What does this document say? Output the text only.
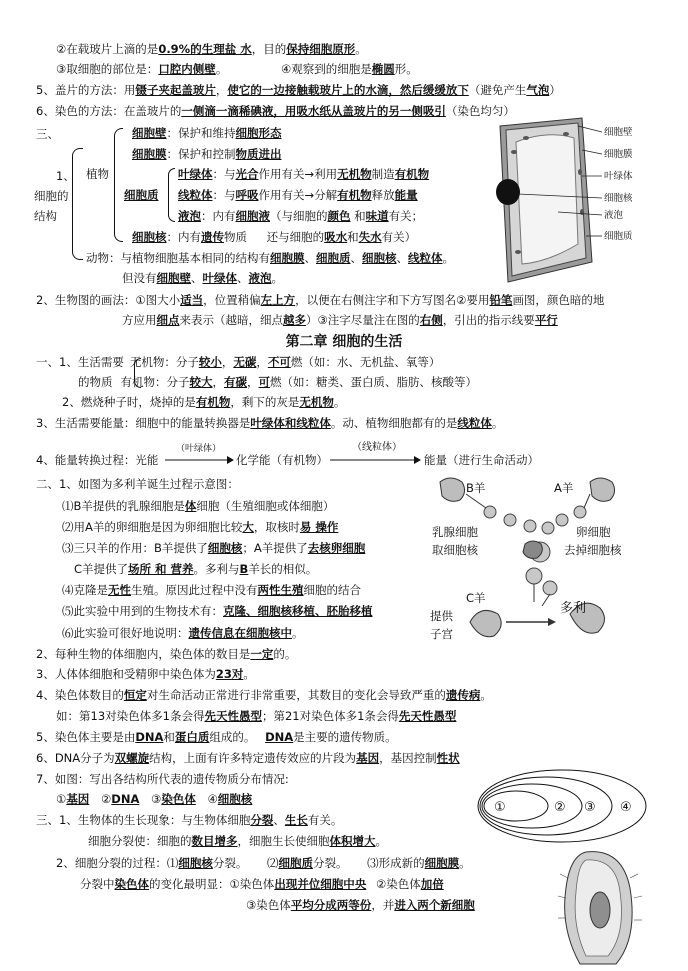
②在载玻片上滴的是0.9%的生理盐 水，目的保持细胞原形。
③取细胞的部位是：口腔内侧壁。	④观察到的细胞是椭圆形。
5、盖片的方法：用镊子夹起盖玻片，使它的一边接触载玻片上的水滴，然后缓缓放下（避免产生气泡）
6、染色的方法：在盖玻片的一侧滴一滴稀碘液，用吸水纸从盖玻片的另一侧吸引（染色均匀）
三、
1、
细胞的
结构
植物
细胞壁：保护和维持细胞形态
细胞膜：保护和控制物质进出
叶绿体：与光合作用有关→利用无机物制造有机物
细胞质 线粒体：与呼吸作用有关→分解有机物释放能量
液泡：内有细胞液（与细胞的颜色 和味道有关；
细胞核：内有遗传物质 还与细胞的吸水和失水有关）
动物：与植物细胞基本相同的结构有细胞膜、细胞质、细胞核、线粒体。
但没有细胞壁、叶绿体、液泡。
细胞壁
细胞膜
叶绿体
细胞核
液泡
细胞质
2、生物图的画法：①图大小适当，位置稍偏左上方，以便在右侧注字和下方写图名②要用铅笔画图，颜色暗的地
方应用细点来表示（越暗，细点越多）③注字尽量注在图的右侧，引出的指示线要平行
第二章 细胞的生活
一、1、生活需要 无机物：分子较小，无碳，不可燃（如：水、无机盐、氧等）
的物质 有机物：分子较大，有碳，可燃（如：糖类、蛋白质、脂肪、核酸等）
2、燃烧种子时，烧掉的是有机物，剩下的灰是无机物。
3、生活需要能量：细胞中的能量转换器是叶绿体和线粒体。动、植物细胞都有的是线粒体。
4、能量转换过程：光能
（叶绿体）
化学能（有机物）
（线粒体）
能量（进行生命活动）
二、1、如图为多利羊诞生过程示意图：
⑴B羊提供的乳腺细胞是体细胞（生殖细胞或体细胞）
⑵用A羊的卵细胞是因为卵细胞比较大，取核时易 操作
⑶三只羊的作用：B羊提供了细胞核；A羊提供了去核卵细胞
C羊提供了场所 和 营养。多利与B羊长的相似。
⑷克隆是无性生殖。原因此过程中没有两性生殖细胞的结合
⑸此实验中用到的生物技术有：克隆、细胞核移植、胚胎移植
⑹此实验可很好地说明：遗传信息在细胞核中。
B羊	A羊
乳腺细胞
取细胞核
卵细胞
去掉细胞核
C羊
提供
子宫
多利
2、每种生物的体细胞内，染色体的数目是一定的。
3、人体体细胞和受精卵中染色体为23对。
4、染色体数目的恒定对生命活动正常进行非常重要，其数目的变化会导致严重的遗传病。
如：第13对染色体多1条会得先天性愚型；第21对染色体多1条会得先天性愚型
5、染色体主要是由DNA和蛋白质组成的。 DNA是主要的遗传物质。
6、DNA分子为双螺旋结构，上面有许多特定遗传效应的片段为基因，基因控制性状
7、如图：写出各结构所代表的遗传物质分布情况:
①基因 ②DNA ③染色体 ④细胞核
①	② ③ ④
三、1、生物体的生长现象：与生物体细胞分裂、生长有关。
细胞分裂使：细胞的数目增多，细胞生长使细胞体积增大。
2、细胞分裂的过程：⑴细胞核分裂。 ⑵细胞质分裂。 ⑶形成新的细胞膜。
分裂中染色体的变化最明显：①染色体出现并位细胞中央 ②染色体加倍
③染色体平均分成两等份，并进入两个新细胞
